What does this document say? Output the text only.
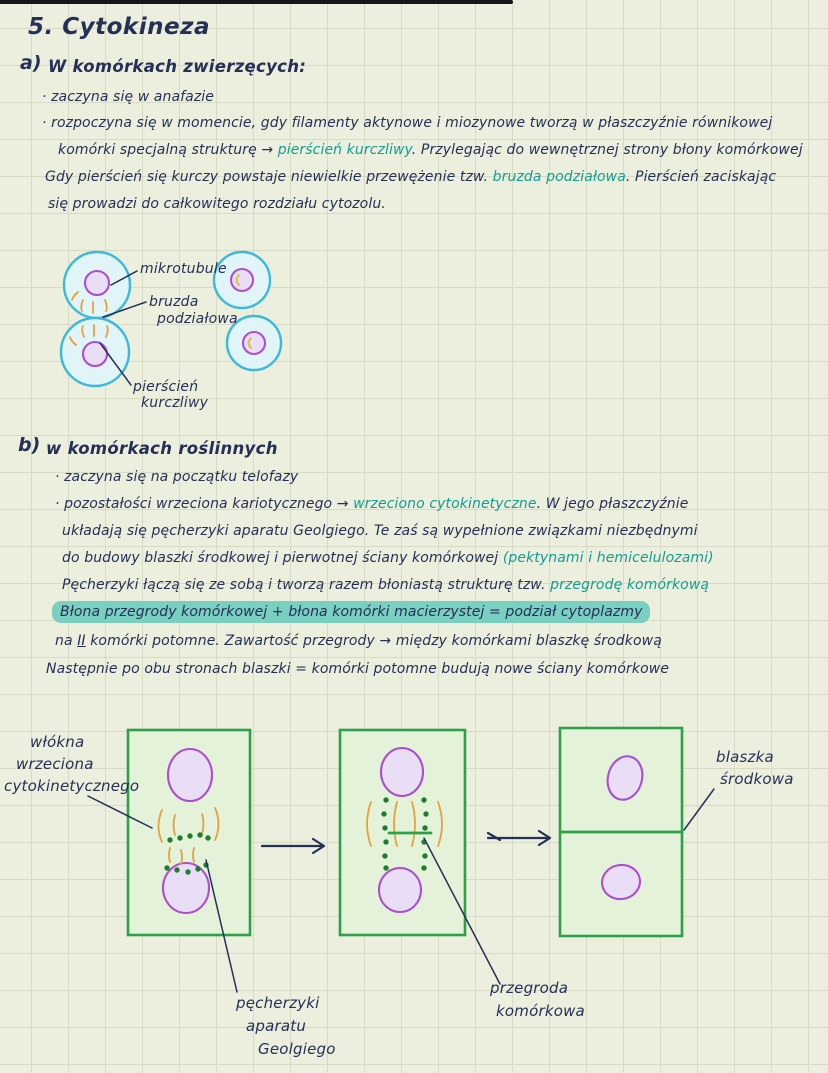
5. Cytokineza
a) W komórkach zwierzęcych:
· zaczyna się w anafazie
· rozpoczyna się w momencie, gdy filamenty aktynowe i miozynowe tworzą w płaszczyźnie równikowej
komórki specjalną strukturę → pierścień kurczliwy. Przylegając do wewnętrznej strony błony komórkowej
Gdy pierścień się kurczy powstaje niewielkie przewężenie tzw. bruzda podziałowa. Pierścień zaciskając
się prowadzi do całkowitego rozdziału cytozolu.
mikrotubule
bruzda
podziałowa
pierścień
kurczliwy
b) w komórkach roślinnych
· zaczyna się na początku telofazy
· pozostałości wrzeciona kariotycznego → wrzeciono cytokinetyczne. W jego płaszczyźnie
układają się pęcherzyki aparatu Geolgiego. Te zaś są wypełnione związkami niezbędnymi
do budowy blaszki środkowej i pierwotnej ściany komórkowej (pektynami i hemicelulozami)
Pęcherzyki łączą się ze sobą i tworzą razem błoniastą strukturę tzw. przegrodę komórkową
Błona przegrody komórkowej + błona komórki macierzystej = podział cytoplazmy
na II komórki potomne. Zawartość przegrody → między komórkami blaszkę środkową
Następnie po obu stronach blaszki = komórki potomne budują nowe ściany komórkowe
włókna
wrzeciona
cytokinetycznego
pęcherzyki
aparatu
Geolgiego
przegroda
komórkowa
blaszka
środkowa
